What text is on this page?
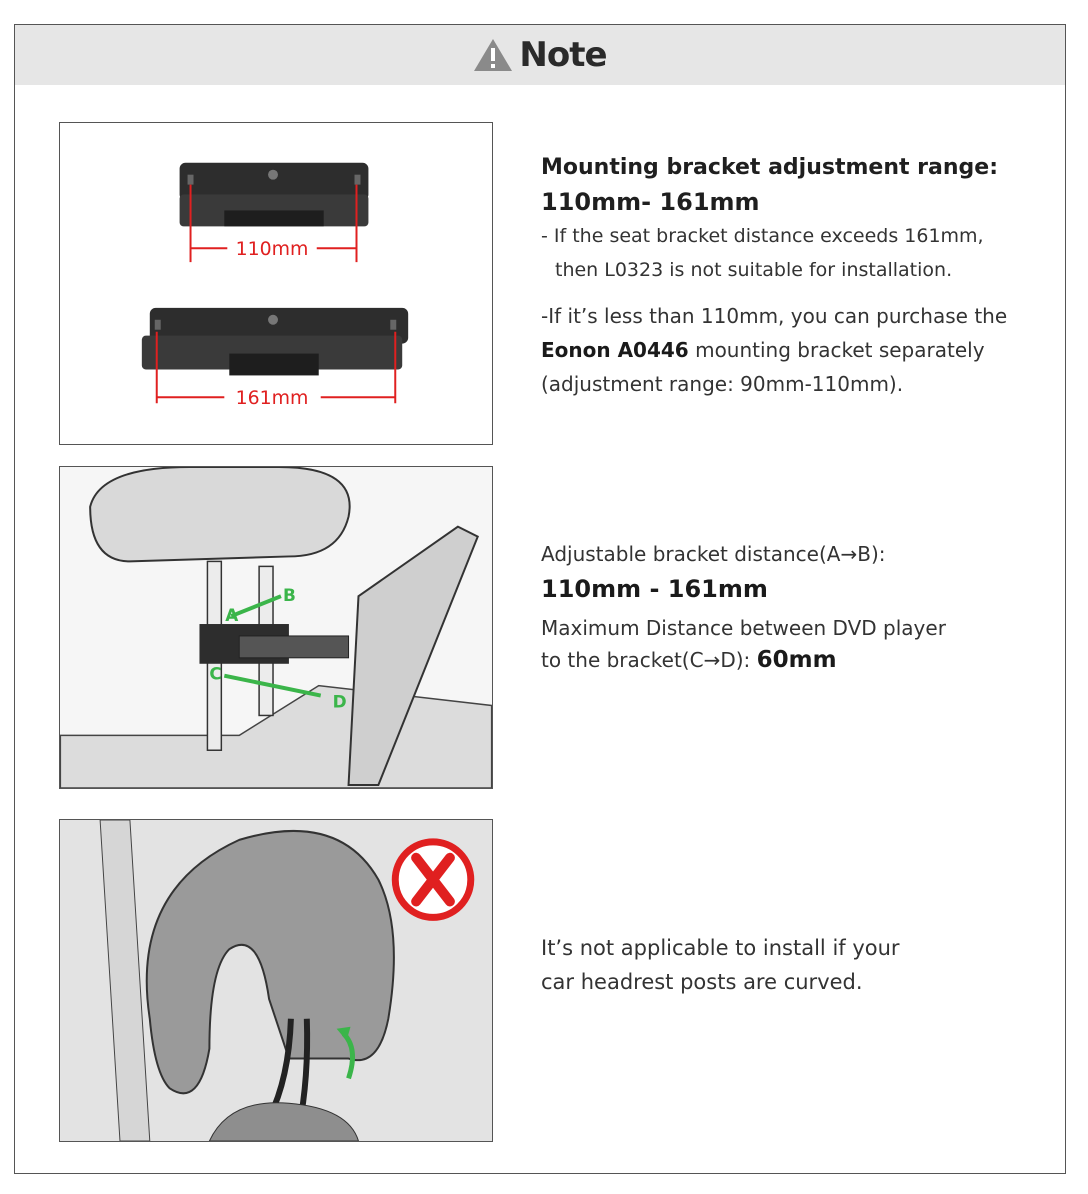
Note
110mm
161mm
A
B
C
D
Mounting bracket adjustment range:
110mm- 161mm
- If the seat bracket distance exceeds 161mm,
then L0323 is not suitable for installation.
-If it’s less than 110mm, you can purchase the
Eonon A0446 mounting bracket separately
(adjustment range: 90mm-110mm).
Adjustable bracket distance(A→B):
110mm - 161mm
Maximum Distance between DVD player
to the bracket(C→D): 60mm
It’s not applicable to install if your
car headrest posts are curved.
